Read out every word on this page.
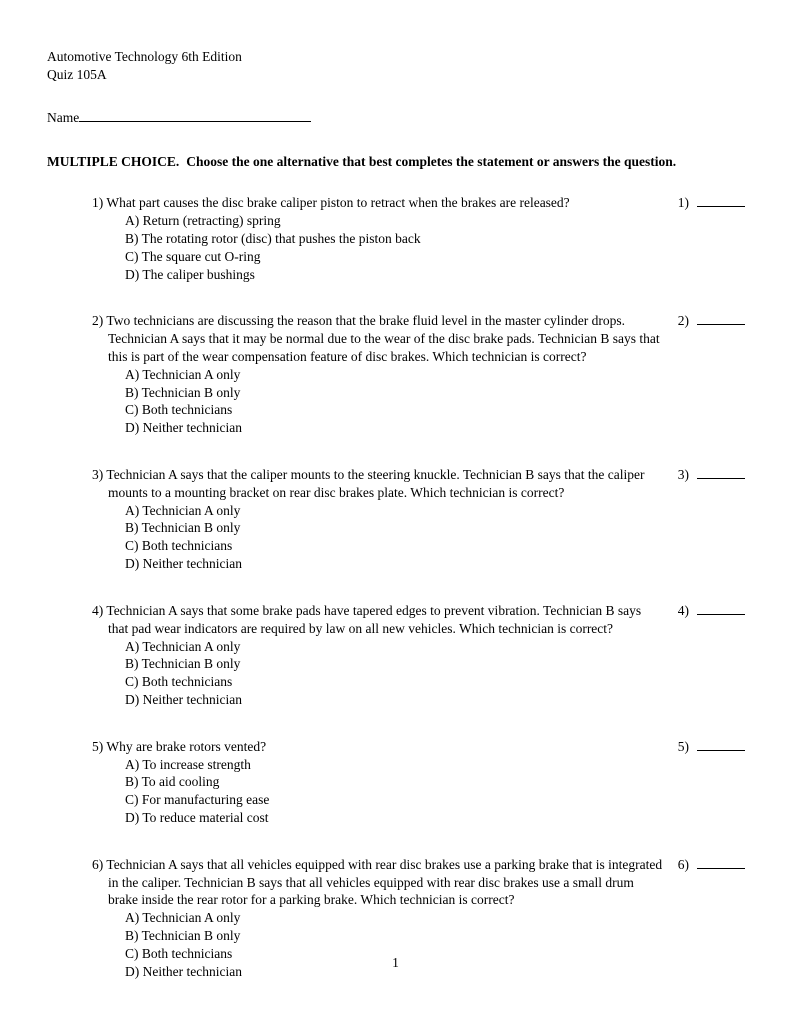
Automotive Technology 6th Edition
Quiz 105A
Name
MULTIPLE CHOICE. Choose the one alternative that best completes the statement or answers the question.
1) What part causes the disc brake caliper piston to retract when the brakes are released?
A) Return (retracting) spring
B) The rotating rotor (disc) that pushes the piston back
C) The square cut O-ring
D) The caliper bushings
1)
2) Two technicians are discussing the reason that the brake fluid level in the master cylinder drops. Technician A says that it may be normal due to the wear of the disc brake pads. Technician B says that this is part of the wear compensation feature of disc brakes. Which technician is correct?
A) Technician A only
B) Technician B only
C) Both technicians
D) Neither technician
2)
3) Technician A says that the caliper mounts to the steering knuckle. Technician B says that the caliper mounts to a mounting bracket on rear disc brakes plate. Which technician is correct?
A) Technician A only
B) Technician B only
C) Both technicians
D) Neither technician
3)
4) Technician A says that some brake pads have tapered edges to prevent vibration. Technician B says that pad wear indicators are required by law on all new vehicles. Which technician is correct?
A) Technician A only
B) Technician B only
C) Both technicians
D) Neither technician
4)
5) Why are brake rotors vented?
A) To increase strength
B) To aid cooling
C) For manufacturing ease
D) To reduce material cost
5)
6) Technician A says that all vehicles equipped with rear disc brakes use a parking brake that is integrated in the caliper. Technician B says that all vehicles equipped with rear disc brakes use a small drum brake inside the rear rotor for a parking brake. Which technician is correct?
A) Technician A only
B) Technician B only
C) Both technicians
D) Neither technician
6)
1
